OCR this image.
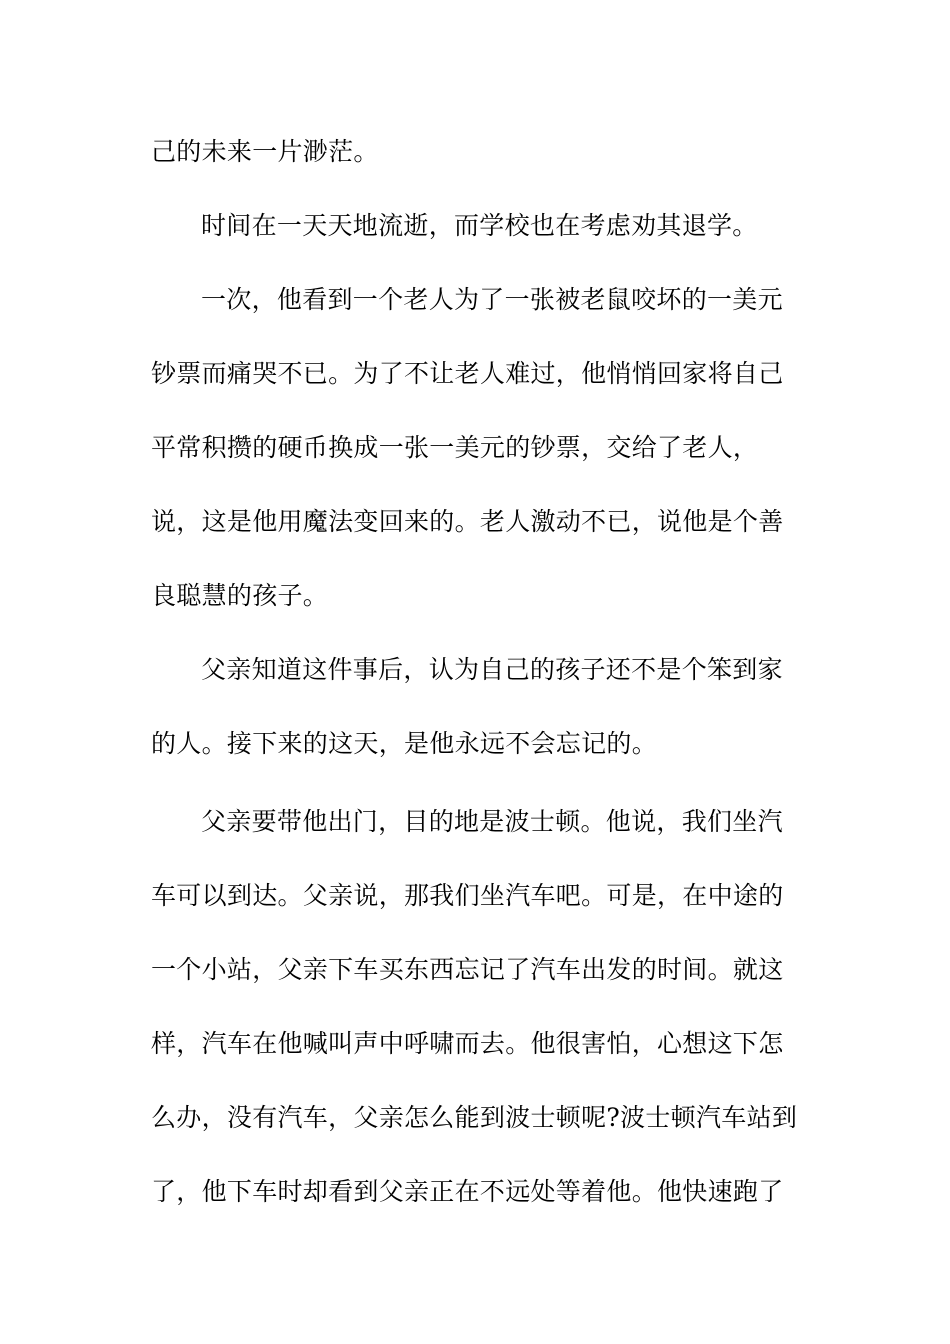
己的未来一片渺茫。
时间在一天天地流逝，而学校也在考虑劝其退学。
一次，他看到一个老人为了一张被老鼠咬坏的一美元
钞票而痛哭不已。为了不让老人难过，他悄悄回家将自己
平常积攒的硬币换成一张一美元的钞票，交给了老人，
说，这是他用魔法变回来的。老人激动不已，说他是个善
良聪慧的孩子。
父亲知道这件事后，认为自己的孩子还不是个笨到家
的人。接下来的这天，是他永远不会忘记的。
父亲要带他出门，目的地是波士顿。他说，我们坐汽
车可以到达。父亲说，那我们坐汽车吧。可是，在中途的
一个小站，父亲下车买东西忘记了汽车出发的时间。就这
样，汽车在他喊叫声中呼啸而去。他很害怕，心想这下怎
么办，没有汽车，父亲怎么能到波士顿呢?波士顿汽车站到
了，他下车时却看到父亲正在不远处等着他。他快速跑了
